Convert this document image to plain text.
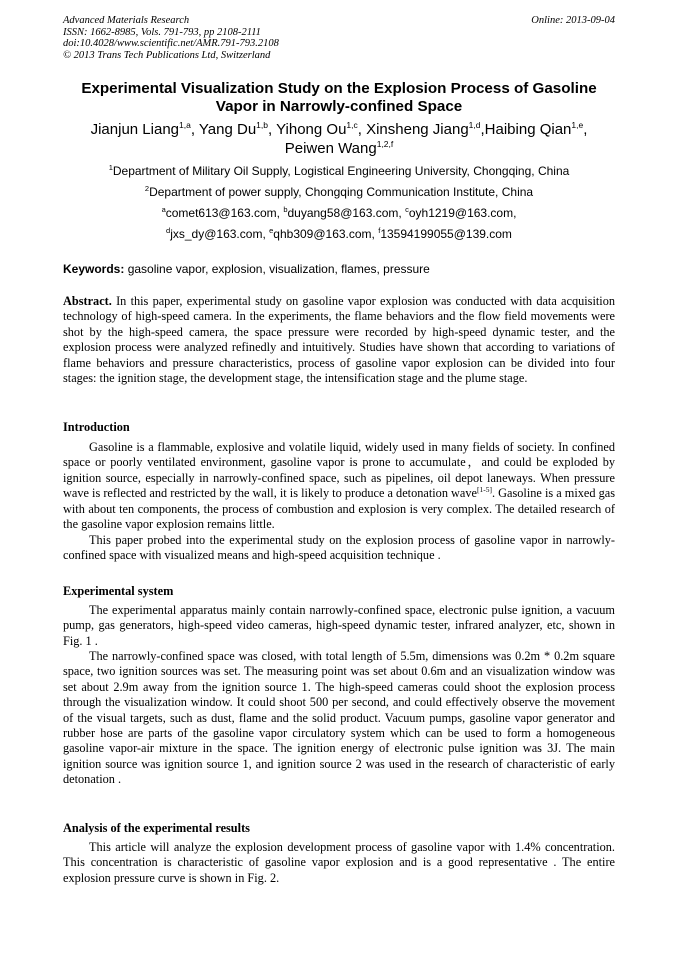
Advanced Materials Research
ISSN: 1662-8985, Vols. 791-793, pp 2108-2111
doi:10.4028/www.scientific.net/AMR.791-793.2108
© 2013 Trans Tech Publications Ltd, Switzerland
Online: 2013-09-04
Experimental Visualization Study on the Explosion Process of Gasoline Vapor in Narrowly-confined Space
Jianjun Liang$^{1,a}$, Yang Du$^{1,b}$, Yihong Ou$^{1,c}$, Xinsheng Jiang$^{1,d}$,Haibing Qian$^{1,e}$,
Peiwen Wang$^{1,2,f}$
$^1$Department of Military Oil Supply, Logistical Engineering University, Chongqing, China
$^2$Department of power supply, Chongqing Communication Institute, China
$^a$comet613@163.com, $^b$duyang58@163.com, $^c$oyh1219@163.com,
$^d$jxs_dy@163.com, $^e$qhb309@163.com, $^f$13594199055@139.com
Keywords: gasoline vapor, explosion, visualization, flames, pressure
Abstract. In this paper, experimental study on gasoline vapor explosion was conducted with data acquisition technology of high-speed camera. In the experiments, the flame behaviors and the flow field movements were shot by the high-speed camera, the space pressure were recorded by high-speed dynamic tester, and the explosion process were analyzed refinedly and intuitively. Studies have shown that according to variations of flame behaviors and pressure characteristics, process of gasoline vapor explosion can be divided into four stages: the ignition stage, the development stage, the intensification stage and the plume stage.
Introduction
Gasoline is a flammable, explosive and volatile liquid, widely used in many fields of society. In confined space or poorly ventilated environment, gasoline vapor is prone to accumulate，and could be exploded by ignition source, especially in narrowly-confined space, such as pipelines, oil depot laneways. When pressure wave is reflected and restricted by the wall, it is likely to produce a detonation wave[1-5]. Gasoline is a mixed gas with about ten components, the process of combustion and explosion is very complex. The detailed research of the gasoline vapor explosion remains little.
This paper probed into the experimental study on the explosion process of gasoline vapor in narrowly-confined space with visualized means and high-speed acquisition technique .
Experimental system
The experimental apparatus mainly contain narrowly-confined space, electronic pulse ignition, a vacuum pump, gas generators, high-speed video cameras, high-speed dynamic tester, infrared analyzer, etc, shown in Fig. 1 .
The narrowly-confined space was closed, with total length of 5.5m, dimensions was 0.2m * 0.2m square space, two ignition sources was set. The measuring point was set about 0.6m and an visualization window was set about 2.9m away from the ignition source 1. The high-speed cameras could shoot the explosion process through the visualization window. It could shoot 500 per second, and could effectively observe the movement of the visual targets, such as dust, flame and the solid product. Vacuum pumps, gasoline vapor generator and rubber hose are parts of the gasoline vapor circulatory system which can be used to form a homogeneous gasoline vapor-air mixture in the space. The ignition energy of electronic pulse ignition was 3J. The main ignition source was ignition source 1, and ignition source 2 was used in the research of characteristic of early detonation .
Analysis of the experimental results
This article will analyze the explosion development process of gasoline vapor with 1.4% concentration. This concentration is characteristic of gasoline vapor explosion and is a good representative . The entire explosion pressure curve is shown in Fig. 2.
